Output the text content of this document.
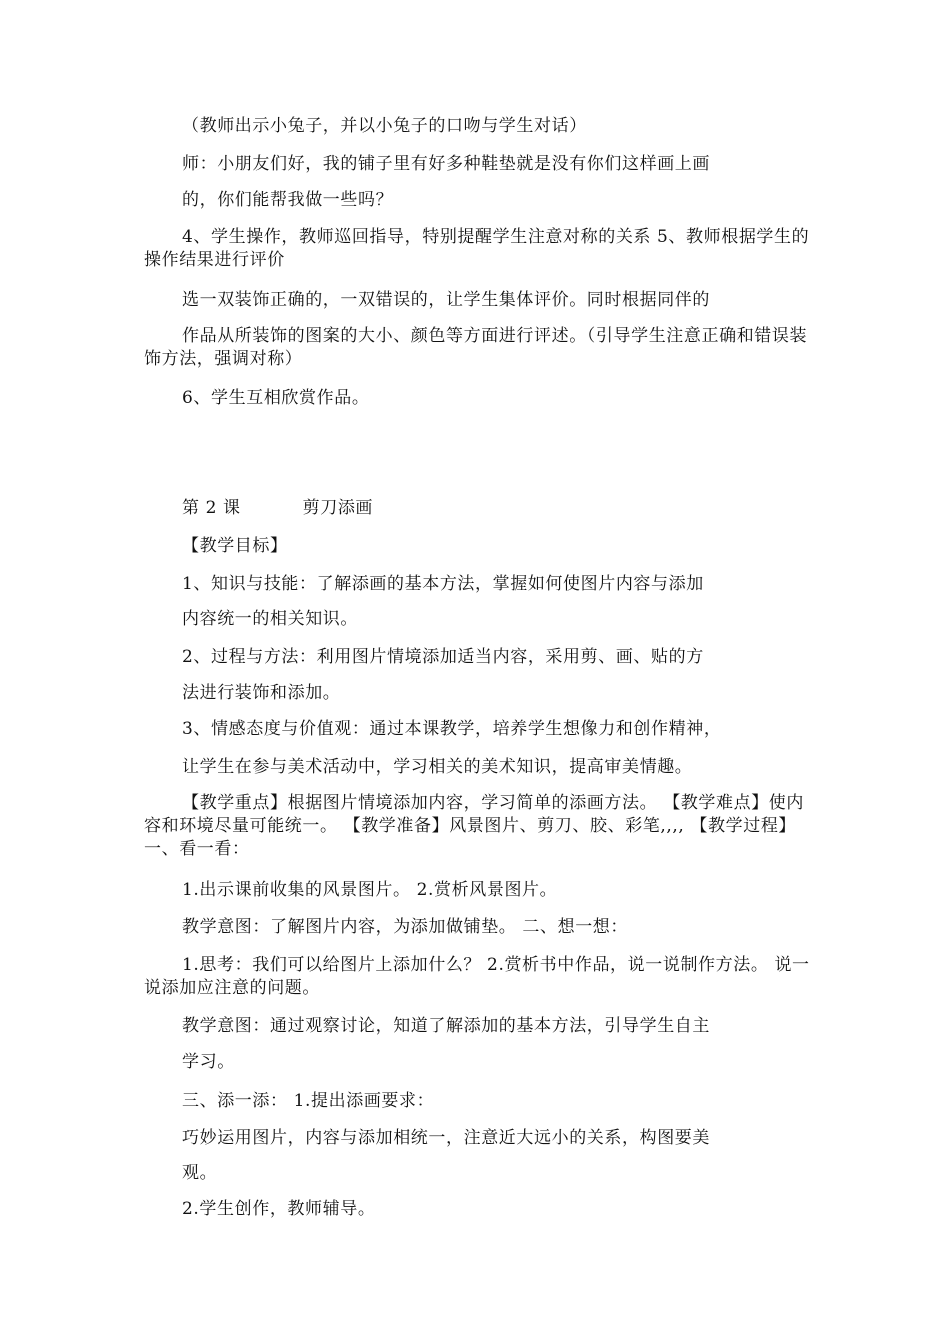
（教师出示小兔子，并以小兔子的口吻与学生对话）
师：小朋友们好，我的铺子里有好多种鞋垫就是没有你们这样画上画
的，你们能帮我做一些吗？
4、学生操作，教师巡回指导，特别提醒学生注意对称的关系 5、教师根据学生的操作结果进行评价
选一双装饰正确的，一双错误的，让学生集体评价。同时根据同伴的
作品从所装饰的图案的大小、颜色等方面进行评述。（引导学生注意正确和错误装饰方法，强调对称）
6、学生互相欣赏作品。
第 2 课	剪刀添画
【教学目标】
1、知识与技能：了解添画的基本方法，掌握如何使图片内容与添加
内容统一的相关知识。
2、过程与方法：利用图片情境添加适当内容，采用剪、画、贴的方
法进行装饰和添加。
3、情感态度与价值观：通过本课教学，培养学生想像力和创作精神，
让学生在参与美术活动中，学习相关的美术知识，提高审美情趣。
【教学重点】根据图片情境添加内容，学习简单的添画方法。 【教学难点】使内容和环境尽量可能统一。 【教学准备】风景图片、剪刀、胶、彩笔,,,, 【教学过程】 一、看一看：
1.出示课前收集的风景图片。 2.赏析风景图片。
教学意图：了解图片内容，为添加做铺垫。 二、想一想：
1.思考：我们可以给图片上添加什么？ 2.赏析书中作品，说一说制作方法。 说一说添加应注意的问题。
教学意图：通过观察讨论，知道了解添加的基本方法，引导学生自主
学习。
三、添一添： 1.提出添画要求：
巧妙运用图片，内容与添加相统一，注意近大远小的关系，构图要美
观。
2.学生创作，教师辅导。
